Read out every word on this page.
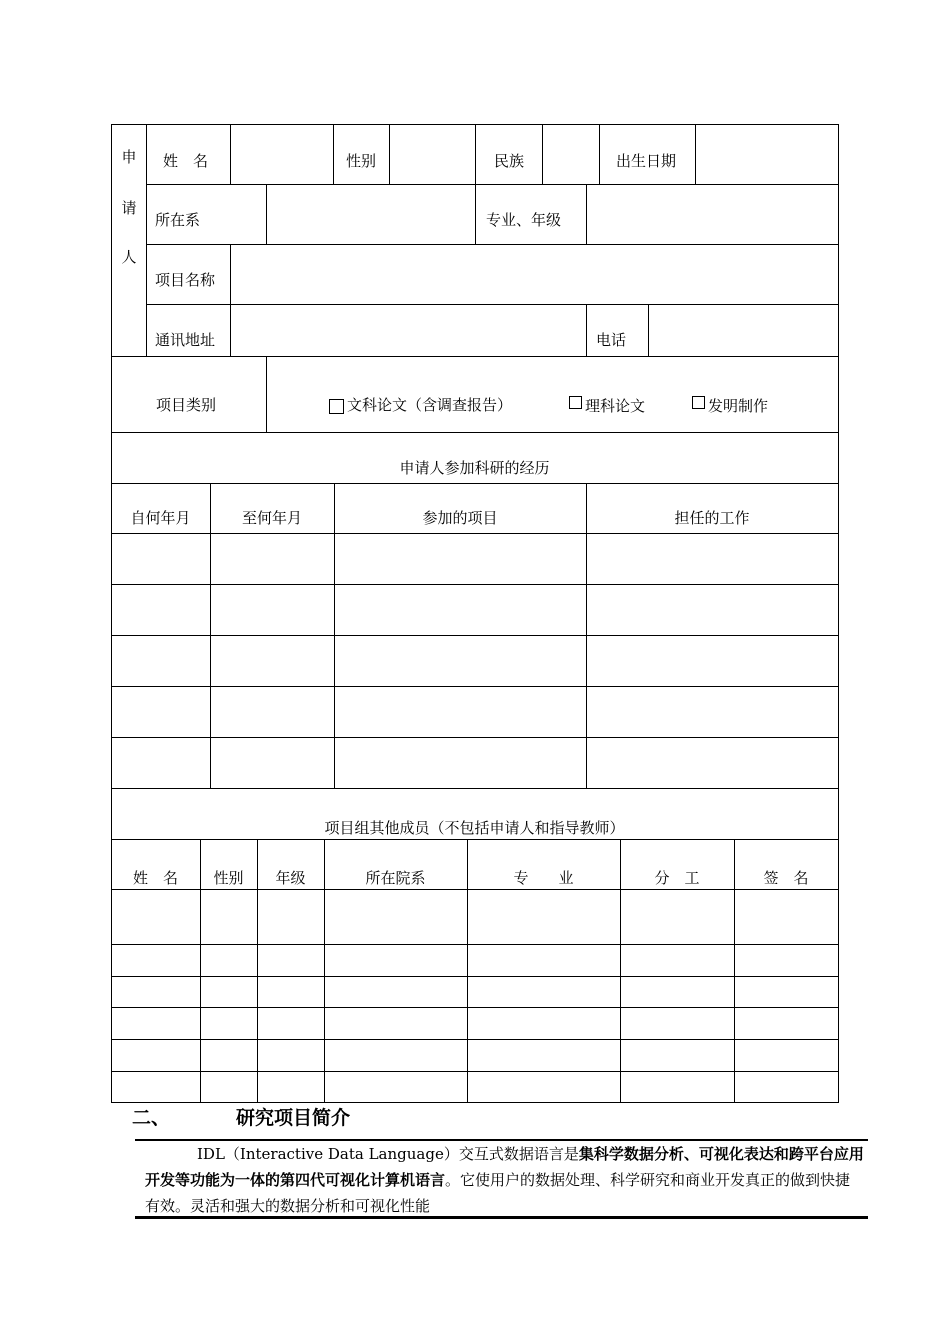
申
请
人
姓　名	性别	民族	出生日期
所在系	专业、年级
项目名称
通讯地址	电话
项目类别	文科论文（含调查报告）	理科论文	发明制作
申请人参加科研的经历
自何年月	至何年月	参加的项目	担任的工作
项目组其他成员（不包括申请人和指导教师）
姓　名	性别	年级	所在院系	专　　业	分　工	签　名
二、	研究项目简介
IDL（Interactive Data Language）交互式数据语言是集科学数据分析、可视化表达和跨平台应用开发等功能为一体的第四代可视化计算机语言。它使用户的数据处理、科学研究和商业开发真正的做到快捷有效。灵活和强大的数据分析和可视化性能
